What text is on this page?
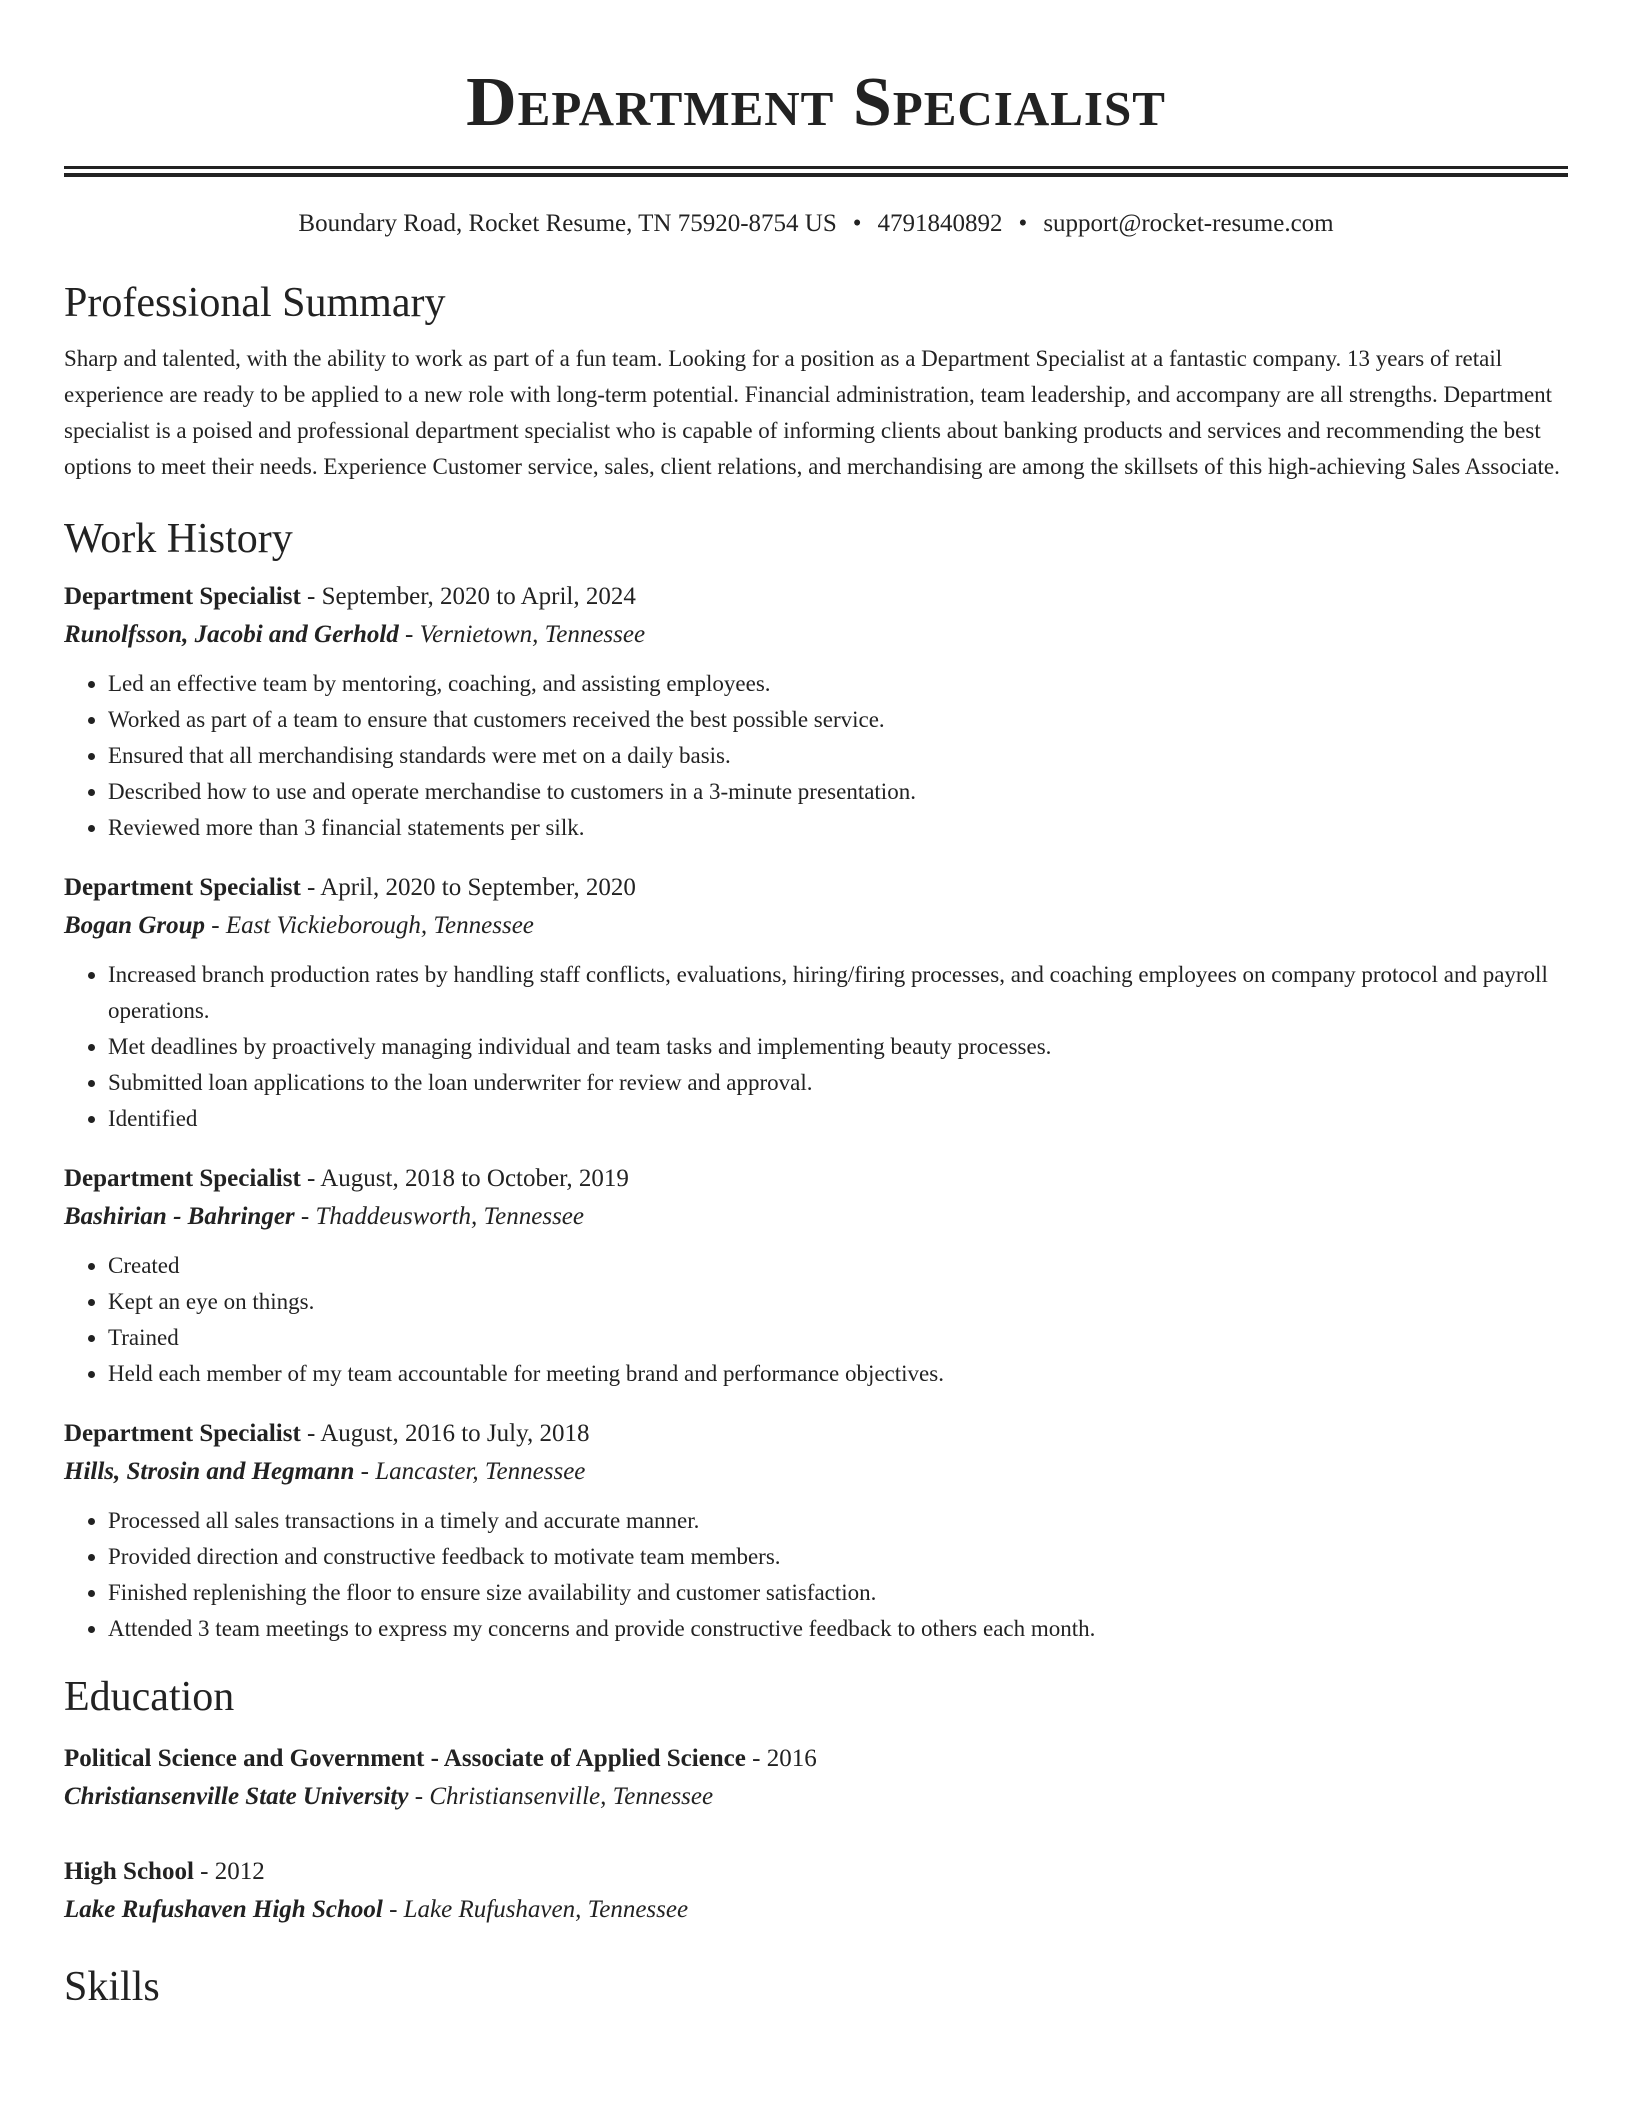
Department Specialist
Boundary Road, Rocket Resume, TN 75920-8754 US • 4791840892 • support@rocket-resume.com
Professional Summary
Sharp and talented, with the ability to work as part of a fun team. Looking for a position as a Department Specialist at a fantastic company. 13 years of retail experience are ready to be applied to a new role with long-term potential. Financial administration, team leadership, and accompany are all strengths. Department specialist is a poised and professional department specialist who is capable of informing clients about banking products and services and recommending the best options to meet their needs. Experience Customer service, sales, client relations, and merchandising are among the skillsets of this high-achieving Sales Associate.
Work History
Department Specialist - September, 2020 to April, 2024
Runolfsson, Jacobi and Gerhold - Vernietown, Tennessee
• Led an effective team by mentoring, coaching, and assisting employees.
• Worked as part of a team to ensure that customers received the best possible service.
• Ensured that all merchandising standards were met on a daily basis.
• Described how to use and operate merchandise to customers in a 3-minute presentation.
• Reviewed more than 3 financial statements per silk.
Department Specialist - April, 2020 to September, 2020
Bogan Group - East Vickieborough, Tennessee
• Increased branch production rates by handling staff conflicts, evaluations, hiring/firing processes, and coaching employees on company protocol and payroll operations.
• Met deadlines by proactively managing individual and team tasks and implementing beauty processes.
• Submitted loan applications to the loan underwriter for review and approval.
• Identified
Department Specialist - August, 2018 to October, 2019
Bashirian - Bahringer - Thaddeusworth, Tennessee
• Created
• Kept an eye on things.
• Trained
• Held each member of my team accountable for meeting brand and performance objectives.
Department Specialist - August, 2016 to July, 2018
Hills, Strosin and Hegmann - Lancaster, Tennessee
• Processed all sales transactions in a timely and accurate manner.
• Provided direction and constructive feedback to motivate team members.
• Finished replenishing the floor to ensure size availability and customer satisfaction.
• Attended 3 team meetings to express my concerns and provide constructive feedback to others each month.
Education
Political Science and Government - Associate of Applied Science - 2016
Christiansenville State University - Christiansenville, Tennessee
High School - 2012
Lake Rufushaven High School - Lake Rufushaven, Tennessee
Skills
